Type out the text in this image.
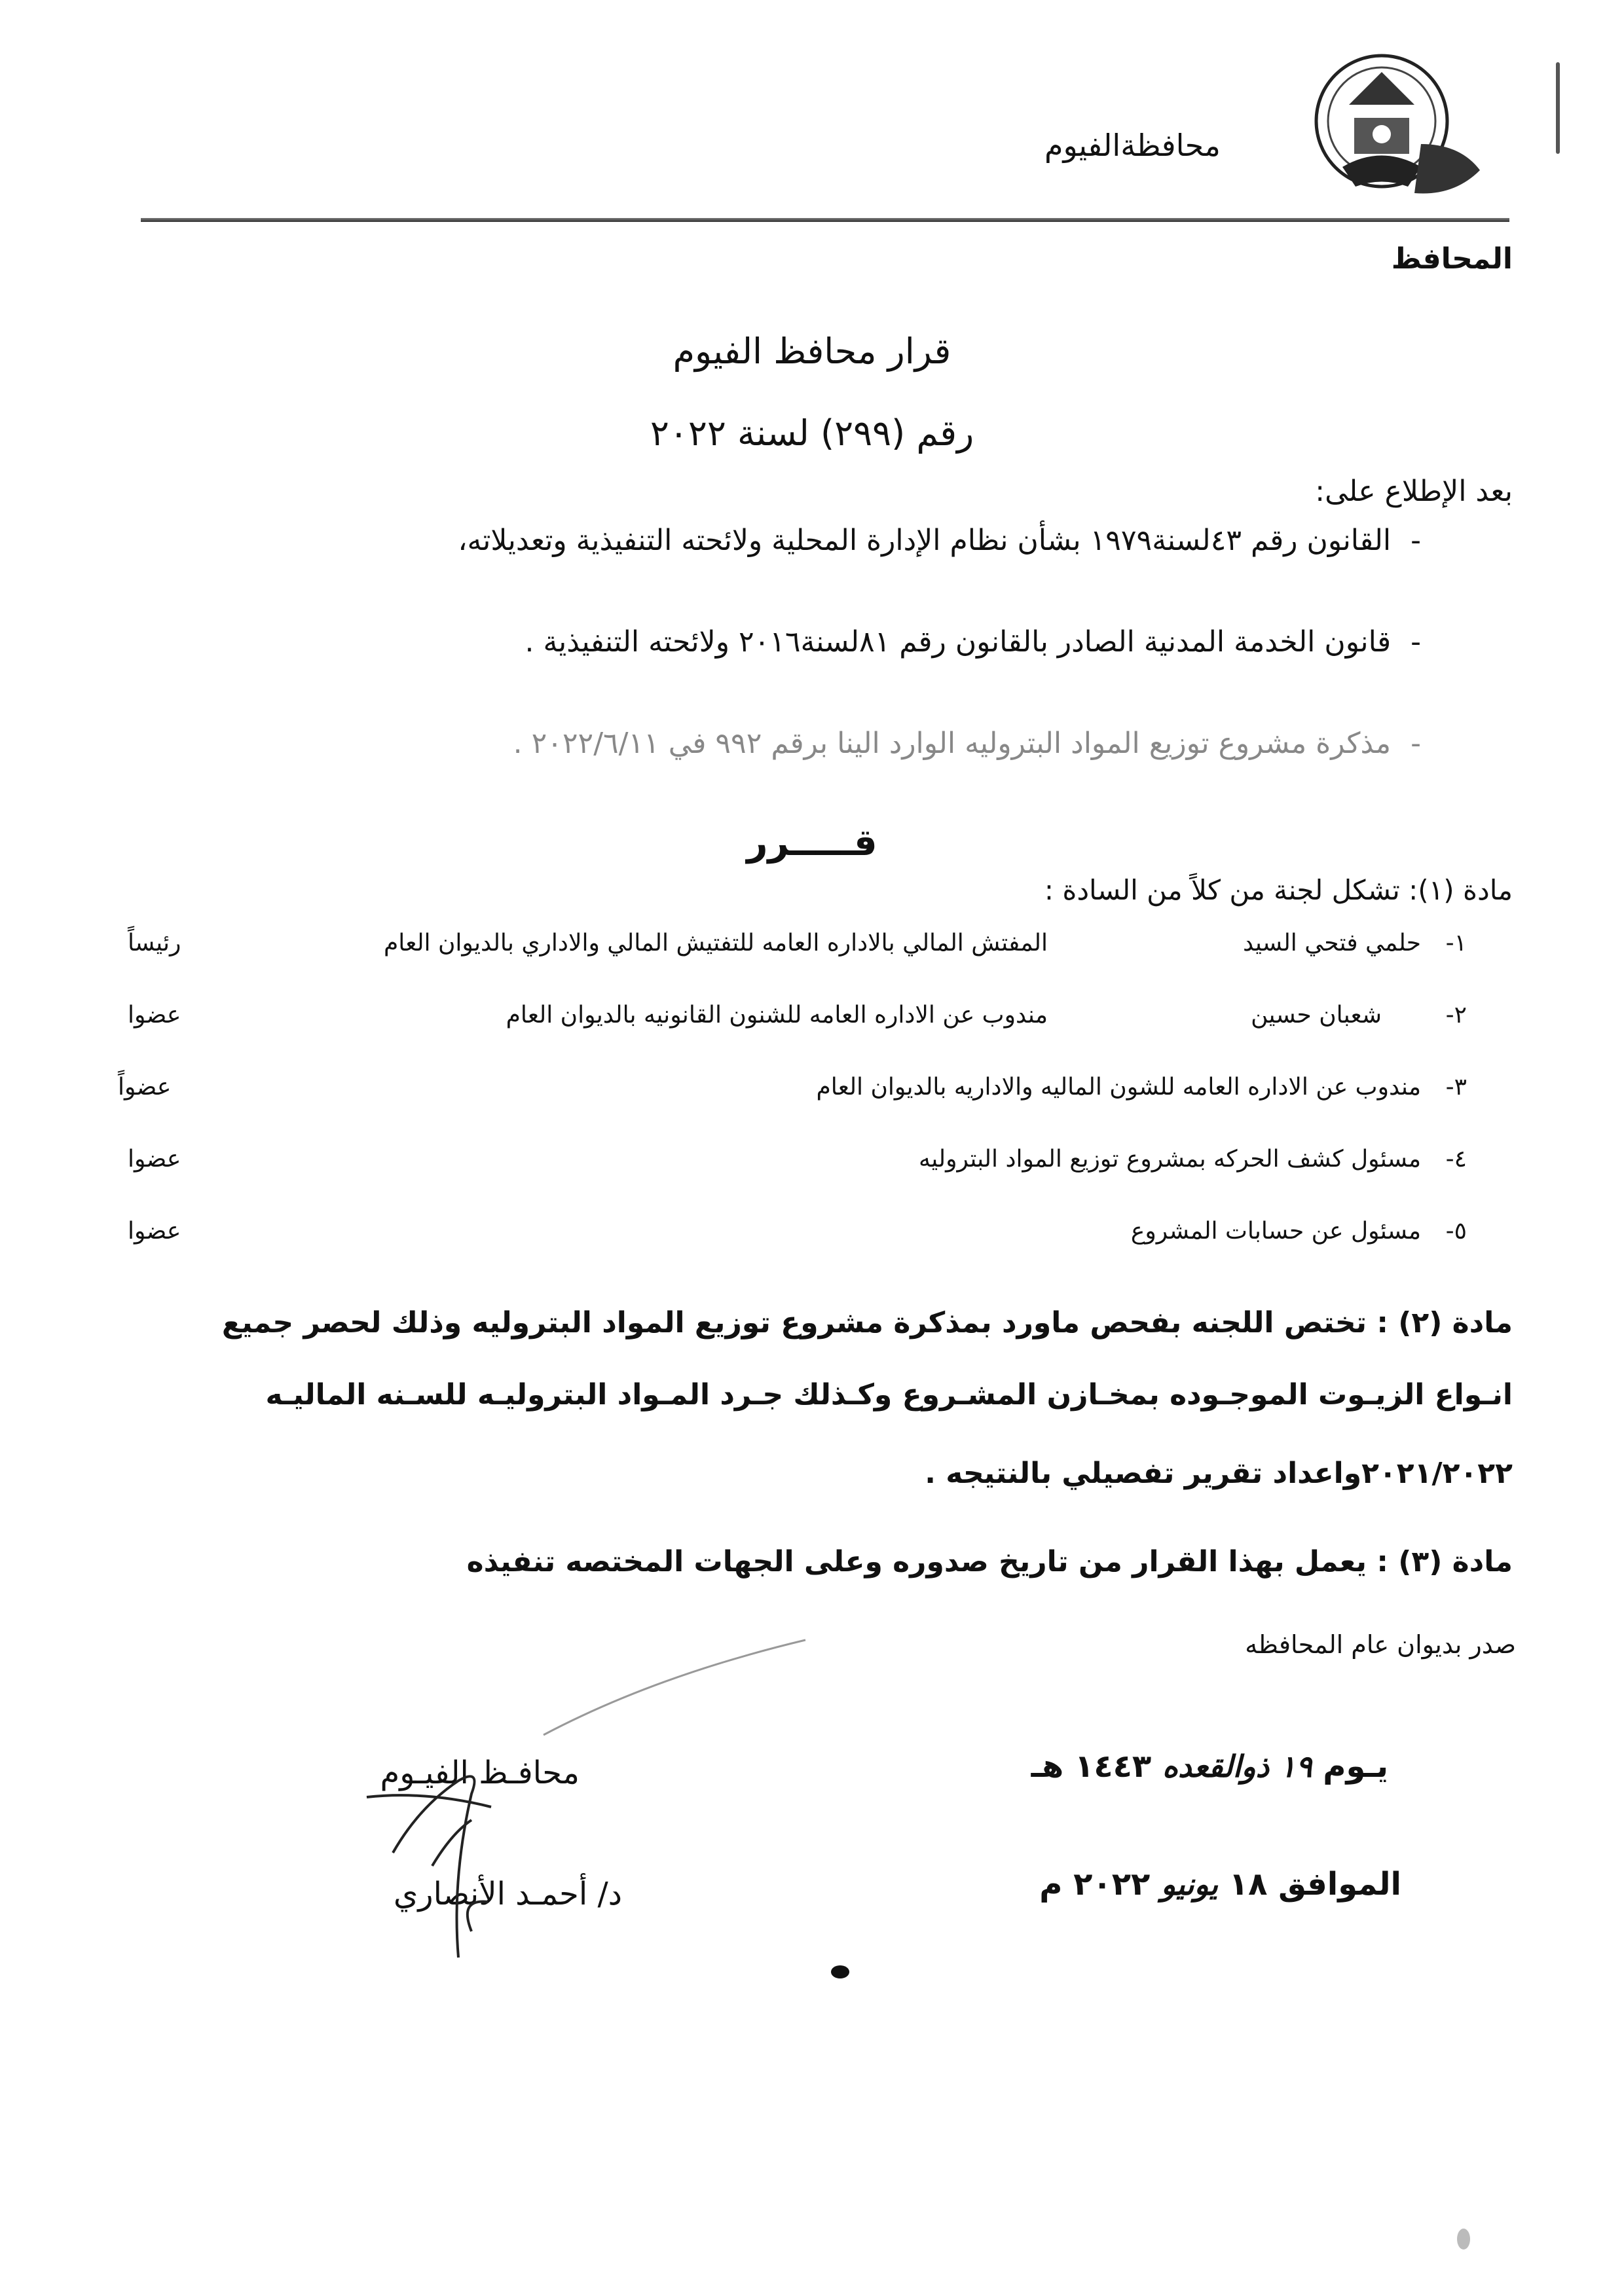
محافظةالفيوم
المحافظ
قرار محافظ الفيوم
رقم (٢٩٩) لسنة ٢٠٢٢
بعد الإطلاع على:
-القانون رقم ٤٣لسنة١٩٧٩ بشأن نظام الإدارة المحلية ولائحته التنفيذية وتعديلاته،
-قانون الخدمة المدنية الصادر بالقانون رقم ٨١لسنة٢٠١٦ ولائحته التنفيذية .
-مذكرة مشروع توزيع المواد البتروليه الوارد الينا برقم ٩٩٢ في ٢٠٢٢/٦/١١ .
قـــــرر
مادة (١): تشكل لجنة من كلاً من السادة :
١-
حلمي فتحي السيد
المفتش المالي بالاداره العامه للتفتيش المالي والاداري بالديوان العام
رئيساً
٢-
شعبان حسين
مندوب عن الاداره العامه للشنون القانونيه بالديوان العام
عضوا
٣-
مندوب عن الاداره العامه للشون الماليه والاداريه بالديوان العام
عضواً
٤-
مسئول كشف الحركه بمشروع توزيع المواد البتروليه
عضوا
٥-
مسئول عن حسابات المشروع
عضوا
مادة (٢) : تختص اللجنه بفحص ماورد بمذكرة مشروع توزيع المواد البتروليه وذلك لحصر جميع
انـواع الزيـوت الموجـوده بمخـازن المشـروع وكـذلك جـرد المـواد البتروليـه للسـنه الماليـه
٢٠٢١/٢٠٢٢واعداد تقرير تفصيلي بالنتيجه .
مادة (٣) : يعمل بهذا القرار من تاريخ صدوره وعلى الجهات المختصه تنفيذه
صدر بديوان عام المحافظه
يـوم ١٩ ذوالقعده ١٤٤٣ هـ
الموافق ١٨ يونيو ٢٠٢٢ م
محافـظ الفيـوم
د/ أحمـد الأنصاري
